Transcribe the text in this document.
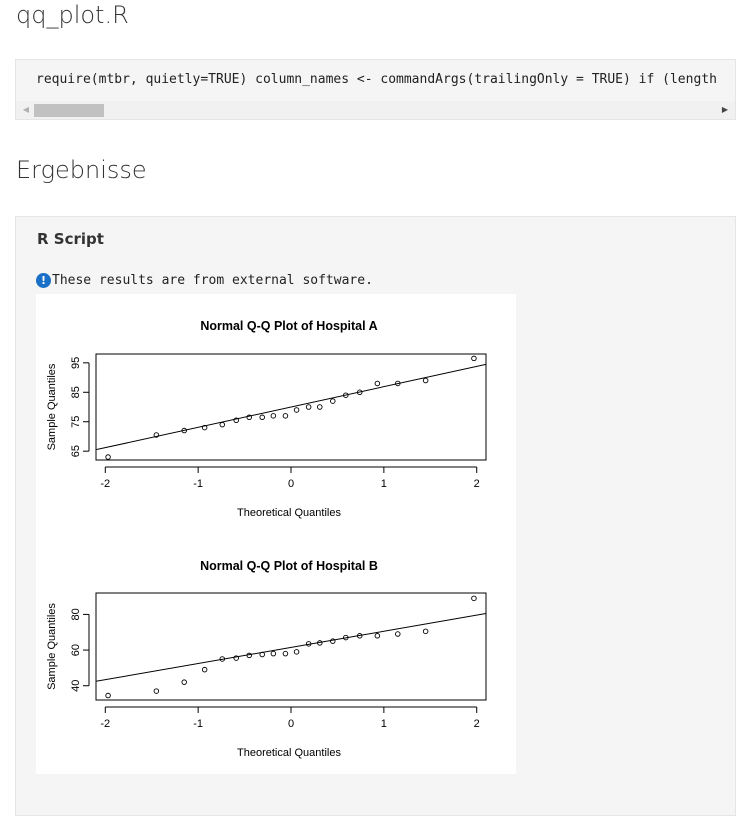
qq_plot.R
require(mtbr, quietly=TRUE) column_names <- commandArgs(trailingOnly = TRUE) if (length
◀	▶
Ergebnisse
R Script
! These results are from external software.
Normal Q-Q Plot of Hospital A
-2	-1	0	1	2
65
75
85
95
Theoretical Quantiles
Sample Quantiles
Normal Q-Q Plot of Hospital B
-2	-1	0	1	2
40
60
80
Theoretical Quantiles
Sample Quantiles
